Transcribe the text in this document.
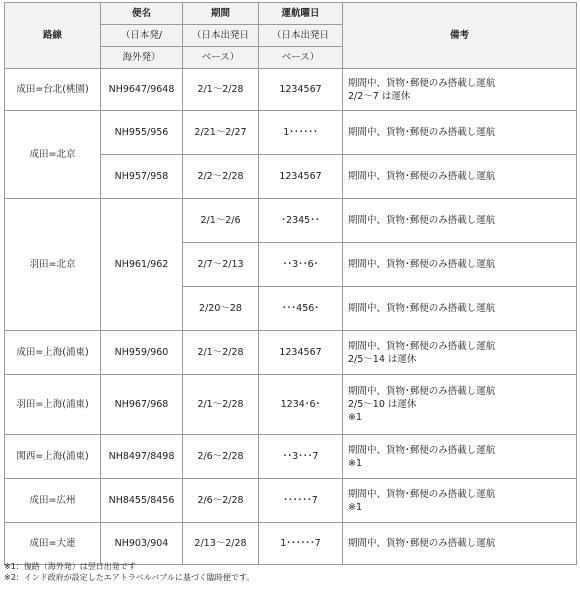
路線	便名	期間	運航曜日	備考
	（日本発/	（日本出発日	（日本出発日	
	海外発）	ベース）	ベース）	
成田=台北(桃園)	NH9647/9648	2/1～2/28	1234567	期間中、貨物･郵便のみ搭載し運航
2/2～7 は運休

成田=北京	NH955/956	2/21～2/27	1･･････	期間中、貨物･郵便のみ搭載し運航

	NH957/958	2/2～2/28	1234567	期間中、貨物･郵便のみ搭載し運航

羽田=北京	NH961/962	2/1～2/6	･2345･･	期間中、貨物･郵便のみ搭載し運航

		2/7～2/13	･･3･･6･	期間中、貨物･郵便のみ搭載し運航

		2/20～28	･･･456･	期間中、貨物･郵便のみ搭載し運航

成田=上海(浦東)	NH959/960	2/1～2/28	1234567	期間中、貨物･郵便のみ搭載し運航
2/5～14 は運休

羽田=上海(浦東)	NH967/968	2/1～2/28	1234･6･	期間中、貨物･郵便のみ搭載し運航
2/5～10 は運休
※1

関西=上海(浦東)	NH8497/8498	2/6～2/28	･･3･･･7	期間中、貨物･郵便のみ搭載し運航
※1

成田=広州	NH8455/8456	2/6～2/28	･･････7	期間中、貨物･郵便のみ搭載し運航
※1

成田=大連	NH903/904	2/13～2/28	1･･････7	期間中、貨物･郵便のみ搭載し運航
※1：復路（海外発）は翌日出発です
※2：インド政府が設定したエアトラベルバブルに基づく臨時便です。
